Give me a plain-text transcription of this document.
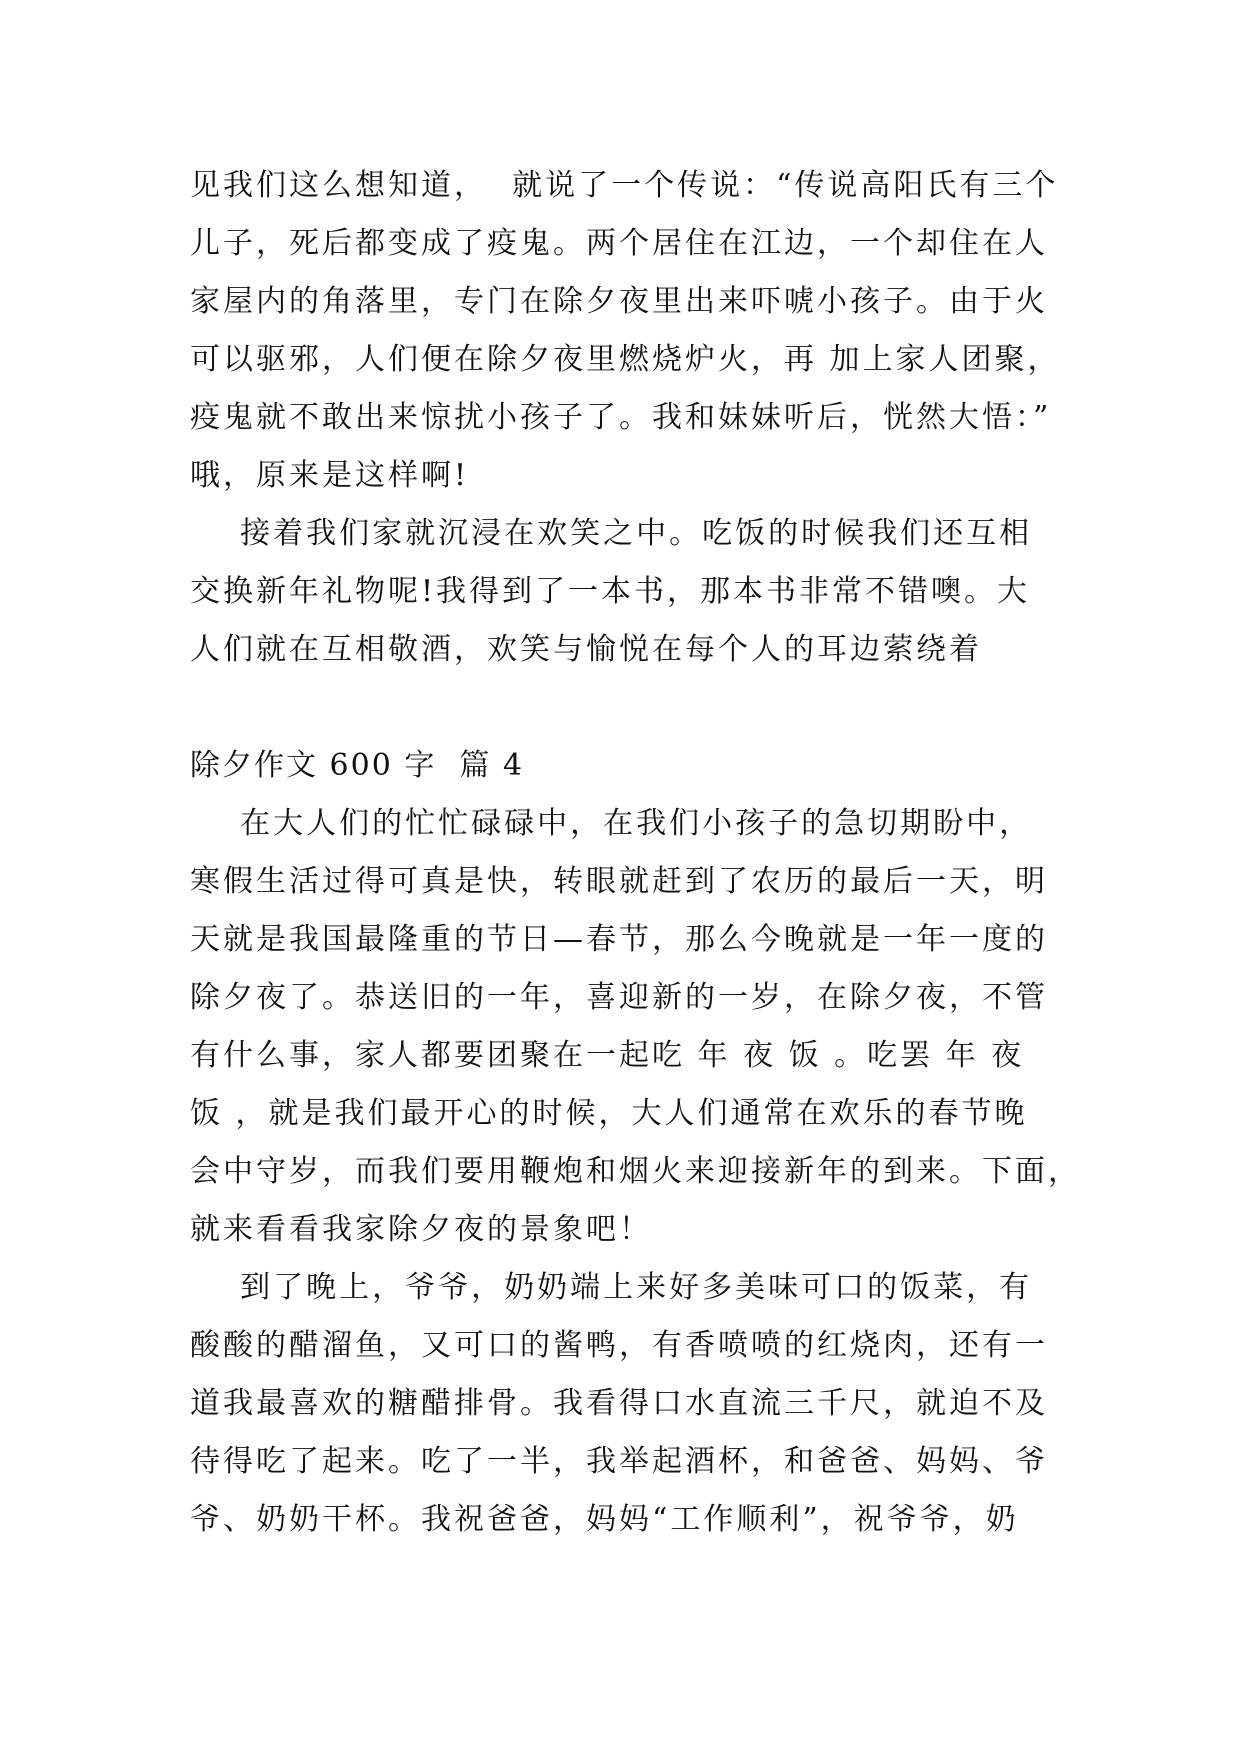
见我们这么想知道，  就说了一个传说：“传说高阳氏有三个
儿子，死后都变成了疫鬼。两个居住在江边，一个却住在人
家屋内的角落里，专门在除夕夜里出来吓唬小孩子。由于火
可以驱邪，人们便在除夕夜里燃烧炉火，再 加上家人团聚，
疫鬼就不敢出来惊扰小孩子了。我和妹妹听后，恍然大悟：”
哦，原来是这样啊!
接着我们家就沉浸在欢笑之中。吃饭的时候我们还互相
交换新年礼物呢!我得到了一本书，那本书非常不错噢。大
人们就在互相敬酒，欢笑与愉悦在每个人的耳边萦绕着
除夕作文 600 字  篇 4
在大人们的忙忙碌碌中，在我们小孩子的急切期盼中，
寒假生活过得可真是快，转眼就赶到了农历的最后一天，明
天就是我国最隆重的节日—春节，那么今晚就是一年一度的
除夕夜了。恭送旧的一年，喜迎新的一岁，在除夕夜，不管
有什么事，家人都要团聚在一起吃 年 夜 饭 。吃罢 年 夜
饭 ，就是我们最开心的时候，大人们通常在欢乐的春节晚
会中守岁，而我们要用鞭炮和烟火来迎接新年的到来。下面，
就来看看我家除夕夜的景象吧！
到了晚上，爷爷，奶奶端上来好多美味可口的饭菜，有
酸酸的醋溜鱼，又可口的酱鸭，有香喷喷的红烧肉，还有一
道我最喜欢的糖醋排骨。我看得口水直流三千尺，就迫不及
待得吃了起来。吃了一半，我举起酒杯，和爸爸、妈妈、爷
爷、奶奶干杯。我祝爸爸，妈妈“工作顺利”，祝爷爷，奶
